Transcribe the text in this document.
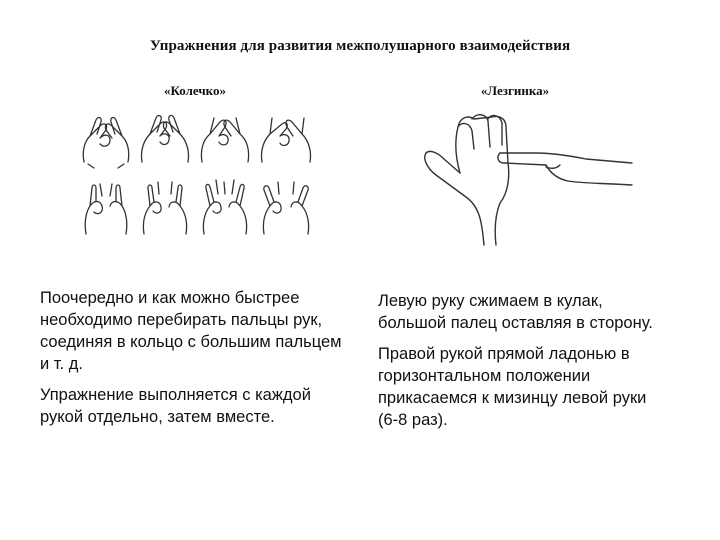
Упражнения для развития межполушарного взаимодействия
«Колечко»	«Лезгинка»

Поочередно и как можно быстрее необходимо перебирать пальцы рук, соединяя в кольцо с большим пальцем и т. д.

Упражнение выполняется с каждой рукой отдельно, затем вместе.

Левую руку сжимаем в кулак, большой палец оставляя в сторону.

Правой рукой прямой ладонью в горизонтальном положении прикасаемся к мизинцу левой руки (6-8 раз).
